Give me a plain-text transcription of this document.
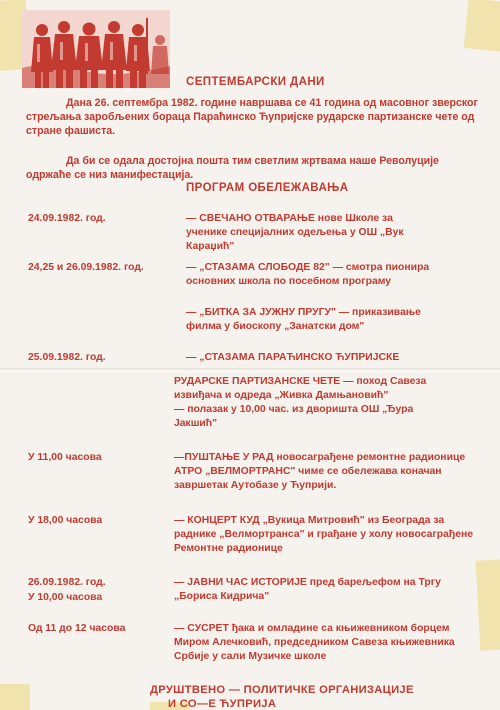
СЕПТЕМБАРСКИ ДАНИ
Дана 26. септембра 1982. године навршава се 41 година од масовног зверског стрељања заробљених бораца Параћинско Ћупријске рударске партизанске чете од стране фашиста.
Да би се одала достојна пошта тим светлим жртвама наше Револуције одржаће се низ манифестација.
ПРОГРАМ ОБЕЛЕЖАВАЊА
24.09.1982. год.
24,25 и 26.09.1982. год.
25.09.1982. год.
У 11,00 часова
У 18,00 часова
26.09.1982. год.
У 10,00 часова
Од 11 до 12 часова
— СВЕЧАНО ОТВАРАЊЕ нове Школе за ученике специјалних одељења у ОШ „Вук Караџић"
— „СТАЗАМА СЛОБОДЕ 82" — смотра пионира основних школа по посебном програму
— „БИТКА ЗА ЈУЖНУ ПРУГУ" — приказивање филма у биоскопу „Занатски дом"
— „СТАЗАМА ПАРАЋИНСКО ЋУПРИЈСКЕ
РУДАРСКЕ ПАРТИЗАНСКЕ ЧЕТЕ — поход Савеза извиђача и одреда „Живка Дамњановић"
— полазак у 10,00 час. из дворишта ОШ „Ђура Јакшић"
—ПУШТАЊЕ У РАД новосаграђене ремонтне радионице АТРО „ВЕЛМОРТРАНС" чиме се обележава коначан завршетак Аутобазе у Ћуприји.
— КОНЦЕРТ КУД „Вукица Митровић" из Београда за раднике „Велмортранса" и грађане у холу новосаграђене Ремонтне радионице
— ЈАВНИ ЧАС ИСТОРИЈЕ пред барељефом на Тргу „Бориса Кидрича"
— СУСРЕТ ђака и омладине са књижевником борцем Миром Алечковић, председником Савеза књижевника Србије у сали Музичке школе
ДРУШТВЕНО — ПОЛИТИЧКЕ ОРГАНИЗАЦИЈЕ
И СО—Е ЋУПРИЈА
